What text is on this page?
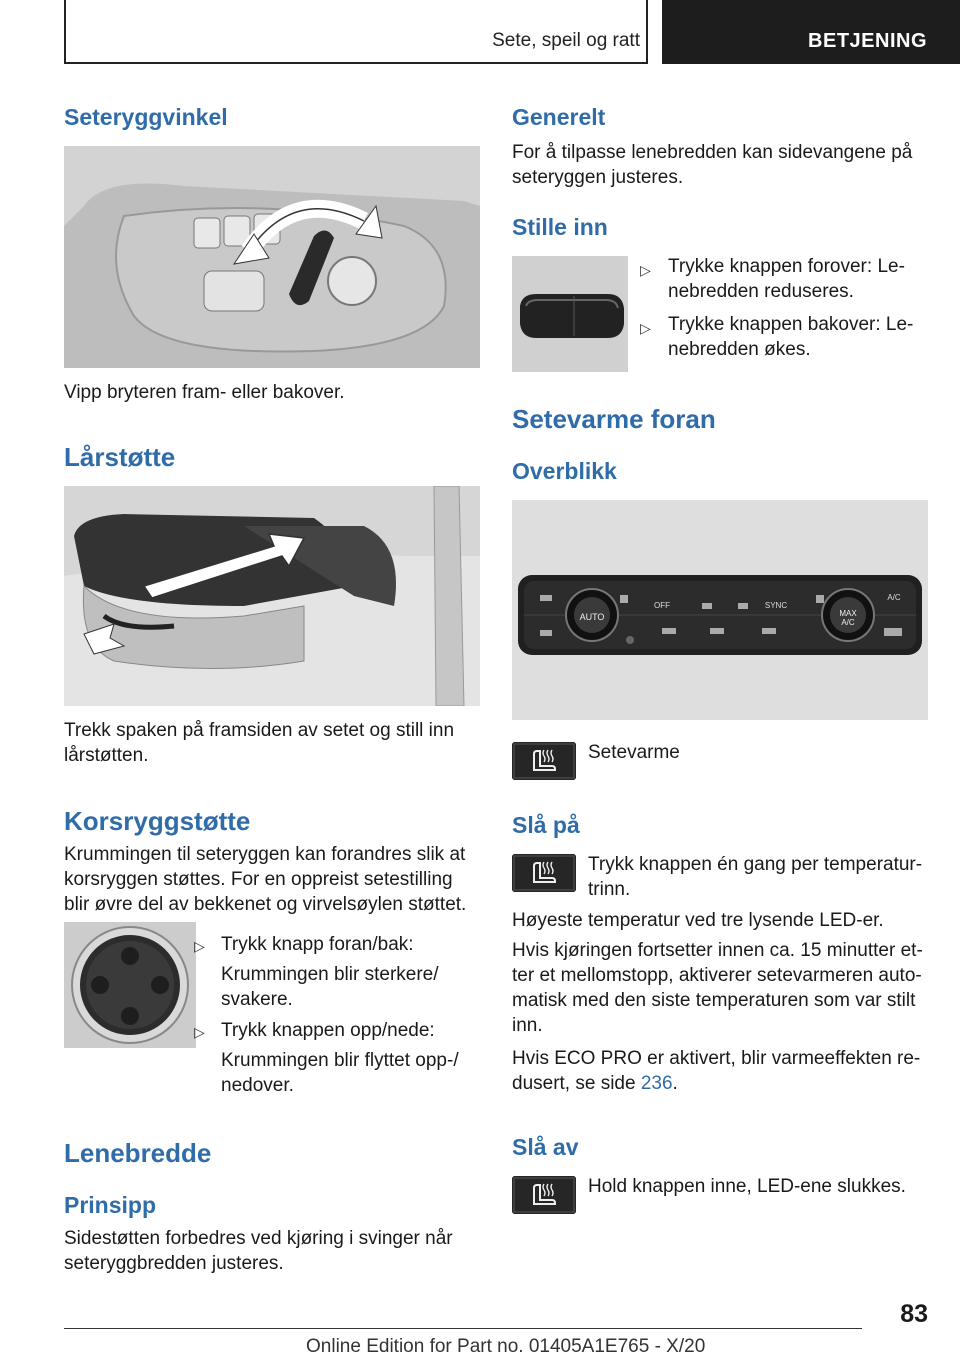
Sete, speil og ratt	BETJENING
Seteryggvinkel

Vipp bryteren fram- eller bakover.

Lårstøtte

Trekk spaken på framsiden av setet og still inn
lårstøtten.

Korsryggstøtte

Krummingen til seteryggen kan forandres slik at
korsryggen støttes. For en oppreist setestilling
blir øvre del av bekkenet og virvelsøylen støttet.

▷ Trykk knapp foran/bak:

Krummingen blir sterkere/
svakere.

▷ Trykk knappen opp/nede:

Krummingen blir flyttet opp-/
nedover.

Lenebredde
Prinsipp

Sidestøtten forbedres ved kjøring i svinger når
seteryggbredden justeres.

Generelt

For å tilpasse lenebredden kan sidevangene på
seteryggen justeres.

Stille inn
▷ Trykke knappen forover: Le-
nebredden reduseres.

▷ Trykke knappen bakover: Le-
nebredden økes.

Setevarme foran
Overblikk
AUTO	MAX
A/C
OFF	SYNC
A/C

Setevarme

Slå på

Trykk knappen én gang per temperatur-
trinn.

Høyeste temperatur ved tre lysende LED-er.

Hvis kjøringen fortsetter innen ca. 15 minutter et-
ter et mellomstopp, aktiverer setevarmeren auto-
matisk med den siste temperaturen som var stilt
inn.

Hvis ECO PRO er aktivert, blir varmeeffekten re-
dusert, se side 236.

Slå av

Hold knappen inne, LED-ene slukkes.

83
Online Edition for Part no. 01405A1E765 - X/20
